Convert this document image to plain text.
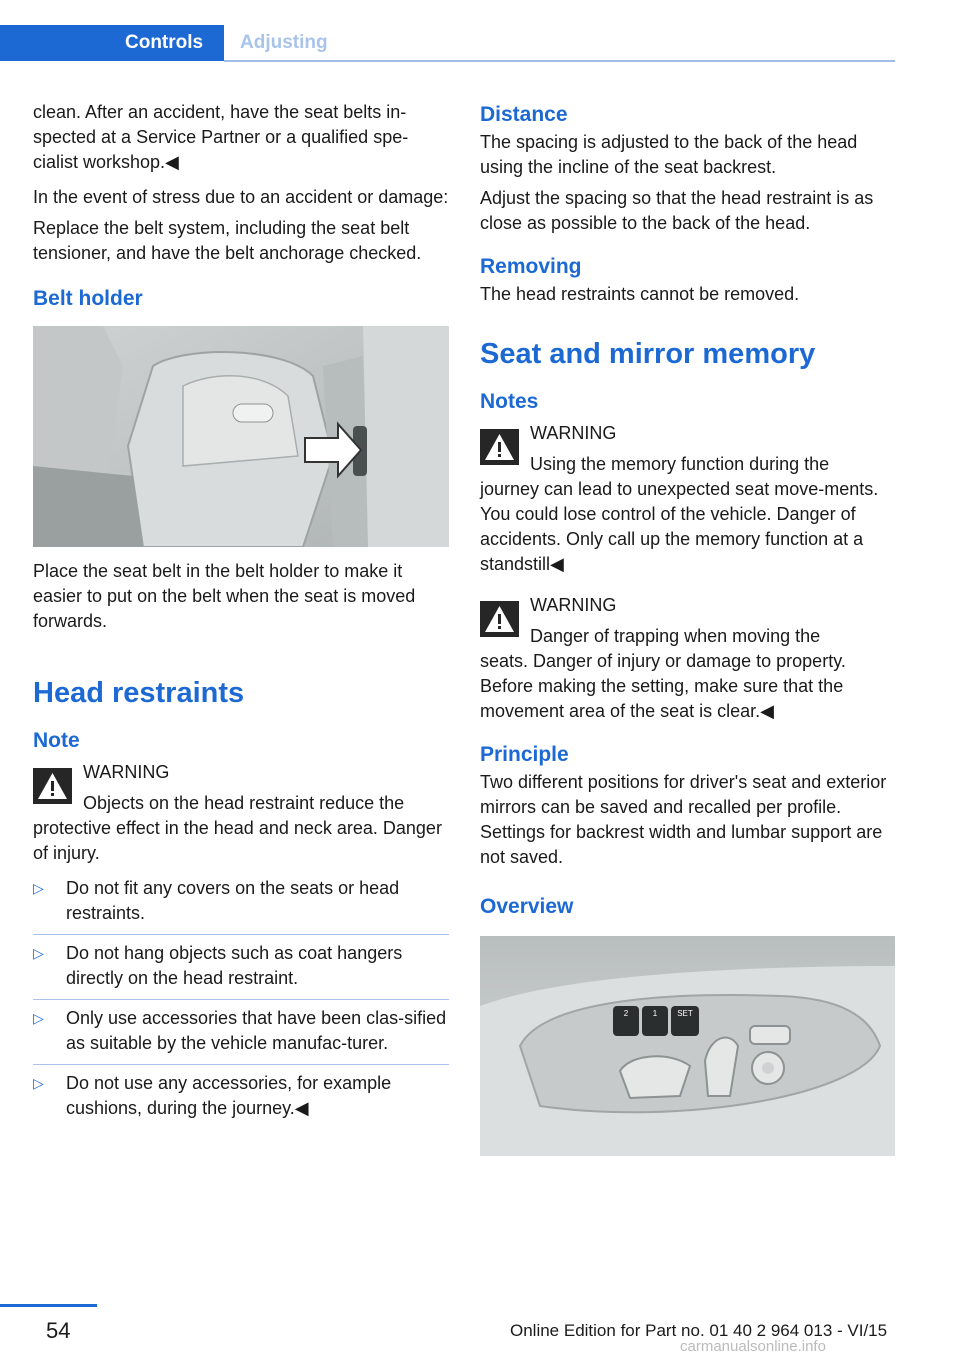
Controls	Adjusting

clean. After an accident, have the seat belts in‐spected at a Service Partner or a qualified spe‐cialist workshop.◀

In the event of stress due to an accident or damage:

Replace the belt system, including the seat belt tensioner, and have the belt anchorage checked.

Belt holder

Place the seat belt in the belt holder to make it easier to put on the belt when the seat is moved forwards.

Head restraints
Note
WARNING
Objects on the head restraint reduce the

protective effect in the head and neck area. Danger of injury.

▷ Do not fit any covers on the seats or head restraints.
▷ Do not hang objects such as coat hangers directly on the head restraint.
▷ Only use accessories that have been clas‐sified as suitable by the vehicle manufac‐turer.
▷ Do not use any accessories, for example cushions, during the journey.◀
Distance

The spacing is adjusted to the back of the head using the incline of the seat backrest.

Adjust the spacing so that the head restraint is as close as possible to the back of the head.

Removing

The head restraints cannot be removed.

Seat and mirror memory
Notes
WARNING
Using the memory function during the

journey can lead to unexpected seat move‐ments. You could lose control of the vehicle. Danger of accidents. Only call up the memory function at a standstill◀

WARNING
Danger of trapping when moving the

seats. Danger of injury or damage to property. Before making the setting, make sure that the movement area of the seat is clear.◀

Principle

Two different positions for driver's seat and exterior mirrors can be saved and recalled per profile. Settings for backrest width and lumbar support are not saved.

Overview
2	1 SET
54	Online Edition for Part no. 01 40 2 964 013 - VI/15
carmanualsonline.info
